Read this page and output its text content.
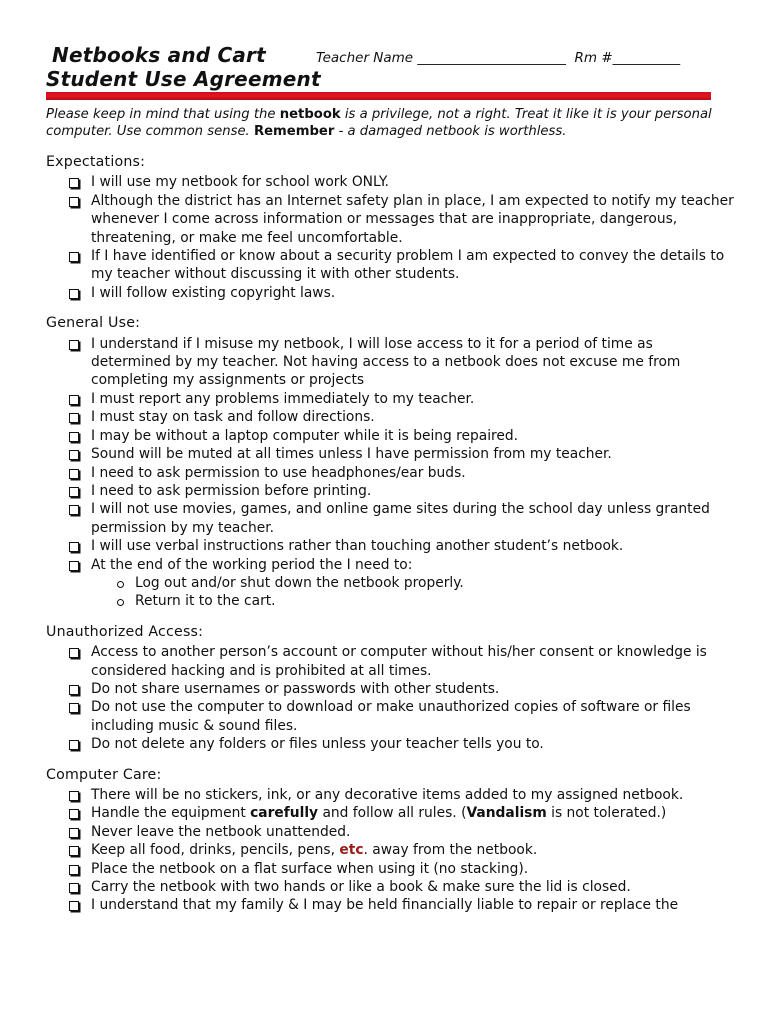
Netbooks and Cart
Student Use Agreement
Teacher Name ______________________ Rm #__________
Please keep in mind that using the netbook is a privilege, not a right. Treat it like it is your personal computer. Use common sense. Remember - a damaged netbook is worthless.
Expectations:
I will use my netbook for school work ONLY.
Although the district has an Internet safety plan in place, I am expected to notify my teacher whenever I come across information or messages that are inappropriate, dangerous, threatening, or make me feel uncomfortable.
If I have identified or know about a security problem I am expected to convey the details to my teacher without discussing it with other students.
I will follow existing copyright laws.
General Use:
I understand if I misuse my netbook, I will lose access to it for a period of time as determined by my teacher. Not having access to a netbook does not excuse me from completing my assignments or projects
I must report any problems immediately to my teacher.
I must stay on task and follow directions.
I may be without a laptop computer while it is being repaired.
Sound will be muted at all times unless I have permission from my teacher.
I need to ask permission to use headphones/ear buds.
I need to ask permission before printing.
I will not use movies, games, and online game sites during the school day unless granted permission by my teacher.
I will use verbal instructions rather than touching another student’s netbook.
At the end of the working period the I need to:
Log out and/or shut down the netbook properly.
Return it to the cart.
Unauthorized Access:
Access to another person’s account or computer without his/her consent or knowledge is considered hacking and is prohibited at all times.
Do not share usernames or passwords with other students.
Do not use the computer to download or make unauthorized copies of software or files including music & sound files.
Do not delete any folders or files unless your teacher tells you to.
Computer Care:
There will be no stickers, ink, or any decorative items added to my assigned netbook.
Handle the equipment carefully and follow all rules. (Vandalism is not tolerated.)
Never leave the netbook unattended.
Keep all food, drinks, pencils, pens, etc. away from the netbook.
Place the netbook on a flat surface when using it (no stacking).
Carry the netbook with two hands or like a book & make sure the lid is closed.
I understand that my family & I may be held financially liable to repair or replace the
